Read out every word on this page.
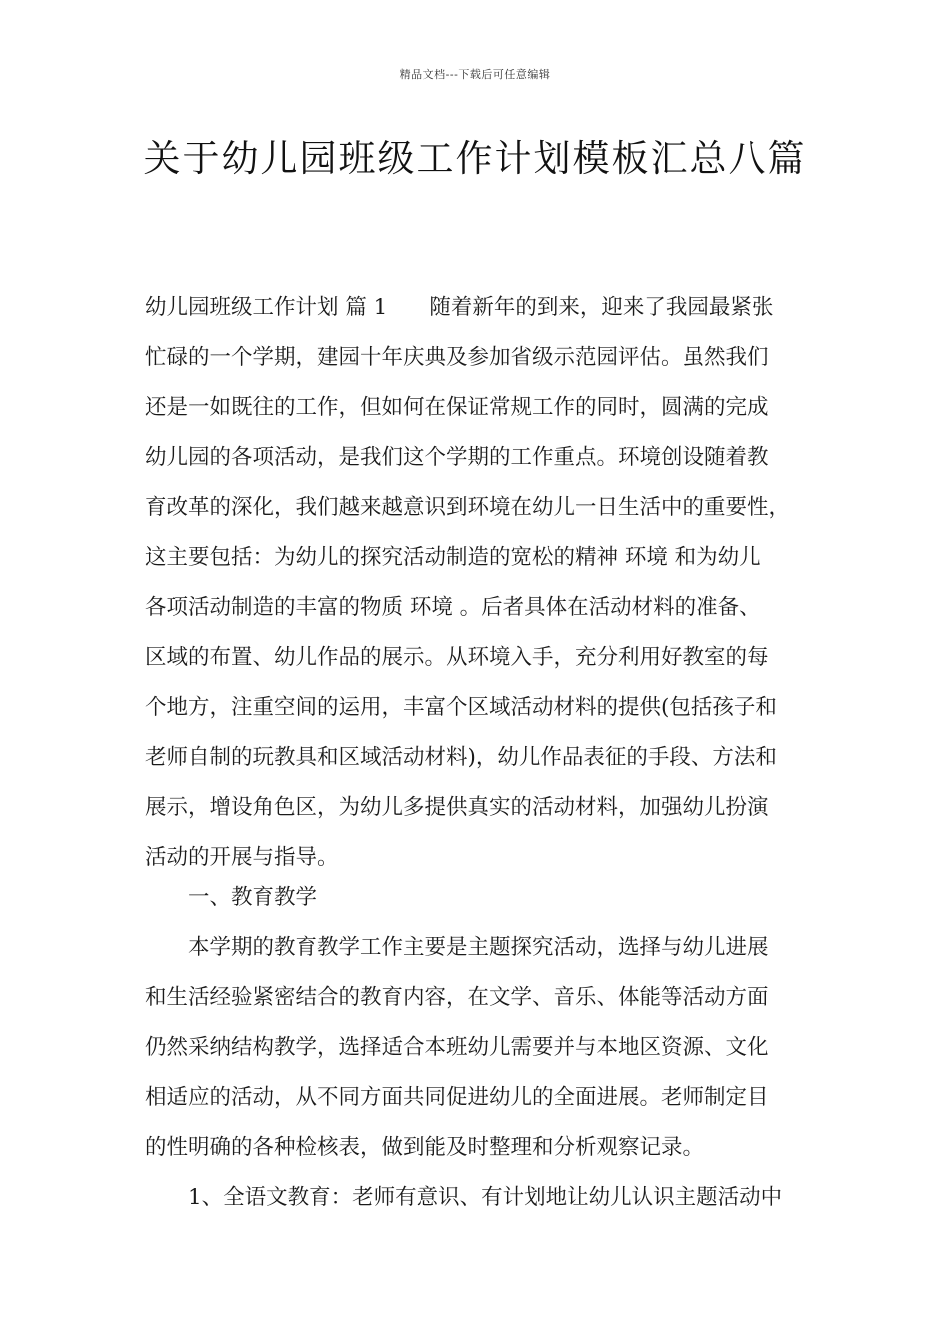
精品文档---下载后可任意编辑
关于幼儿园班级工作计划模板汇总八篇
幼儿园班级工作计划 篇 1 随着新年的到来，迎来了我园最紧张
忙碌的一个学期，建园十年庆典及参加省级示范园评估。虽然我们
还是一如既往的工作，但如何在保证常规工作的同时，圆满的完成
幼儿园的各项活动，是我们这个学期的工作重点。环境创设随着教
育改革的深化，我们越来越意识到环境在幼儿一日生活中的重要性，
这主要包括：为幼儿的探究活动制造的宽松的精神 环境 和为幼儿
各项活动制造的丰富的物质 环境 。后者具体在活动材料的准备、
区域的布置、幼儿作品的展示。从环境入手，充分利用好教室的每
个地方，注重空间的运用，丰富个区域活动材料的提供(包括孩子和
老师自制的玩教具和区域活动材料)，幼儿作品表征的手段、方法和
展示，增设角色区，为幼儿多提供真实的活动材料，加强幼儿扮演
活动的开展与指导。
一、教育教学
本学期的教育教学工作主要是主题探究活动，选择与幼儿进展
和生活经验紧密结合的教育内容，在文学、音乐、体能等活动方面
仍然采纳结构教学，选择适合本班幼儿需要并与本地区资源、文化
相适应的活动，从不同方面共同促进幼儿的全面进展。老师制定目
的性明确的各种检核表，做到能及时整理和分析观察记录。
1、全语文教育：老师有意识、有计划地让幼儿认识主题活动中
